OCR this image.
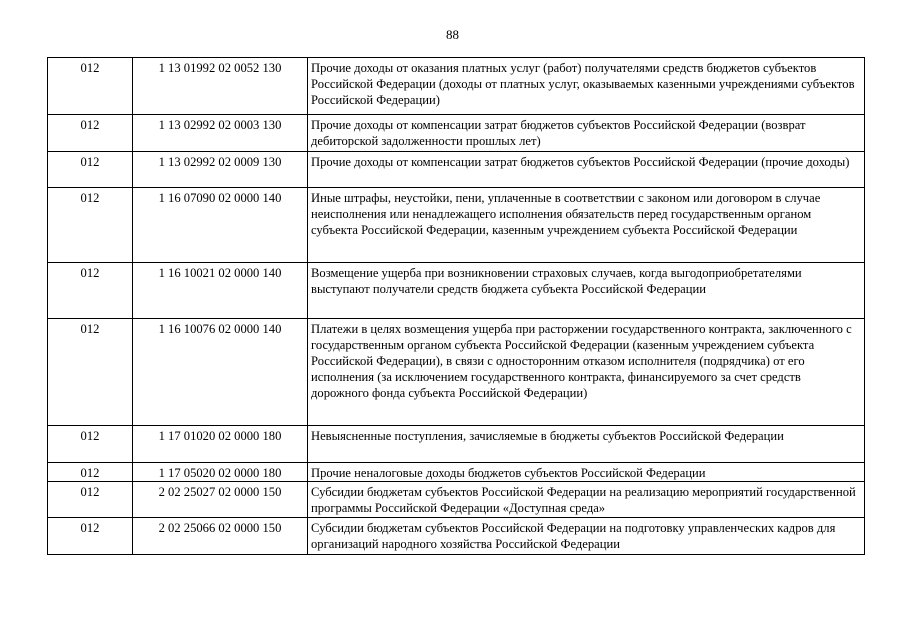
88
012	1 13 01992 02 0052 130	Прочие доходы от оказания платных услуг (работ) получателями средств бюджетов субъектов Российской Федерации (доходы от платных услуг, оказываемых казенными учреждениями субъектов Российской Федерации)
012	1 13 02992 02 0003 130	Прочие доходы от компенсации затрат бюджетов субъектов Российской Федерации (возврат дебиторской задолженности прошлых лет)
012	1 13 02992 02 0009 130	Прочие доходы от компенсации затрат бюджетов субъектов Российской Федерации (прочие доходы)
012	1 16 07090 02 0000 140	Иные штрафы, неустойки, пени, уплаченные в соответствии с законом или договором в случае неисполнения или ненадлежащего исполнения обязательств перед государственным органом субъекта Российской Федерации, казенным учреждением субъекта Российской Федерации
012	1 16 10021 02 0000 140	Возмещение ущерба при возникновении страховых случаев, когда выгодоприобретателями выступают получатели средств бюджета субъекта Российской Федерации
012	1 16 10076 02 0000 140	Платежи в целях возмещения ущерба при расторжении государственного контракта, заключенного с государственным органом субъекта Российской Федерации (казенным учреждением субъекта Российской Федерации), в связи с односторонним отказом исполнителя (подрядчика) от его исполнения (за исключением государственного контракта, финансируемого за счет средств дорожного фонда субъекта Российской Федерации)
012	1 17 01020 02 0000 180	Невыясненные поступления, зачисляемые в бюджеты субъектов Российской Федерации
012	1 17 05020 02 0000 180	Прочие неналоговые доходы бюджетов субъектов Российской Федерации
012	2 02 25027 02 0000 150	Субсидии бюджетам субъектов Российской Федерации на реализацию мероприятий государственной программы Российской Федерации «Доступная среда»
012	2 02 25066 02 0000 150	Субсидии бюджетам субъектов Российской Федерации на подготовку управленческих кадров для организаций народного хозяйства Российской Федерации
